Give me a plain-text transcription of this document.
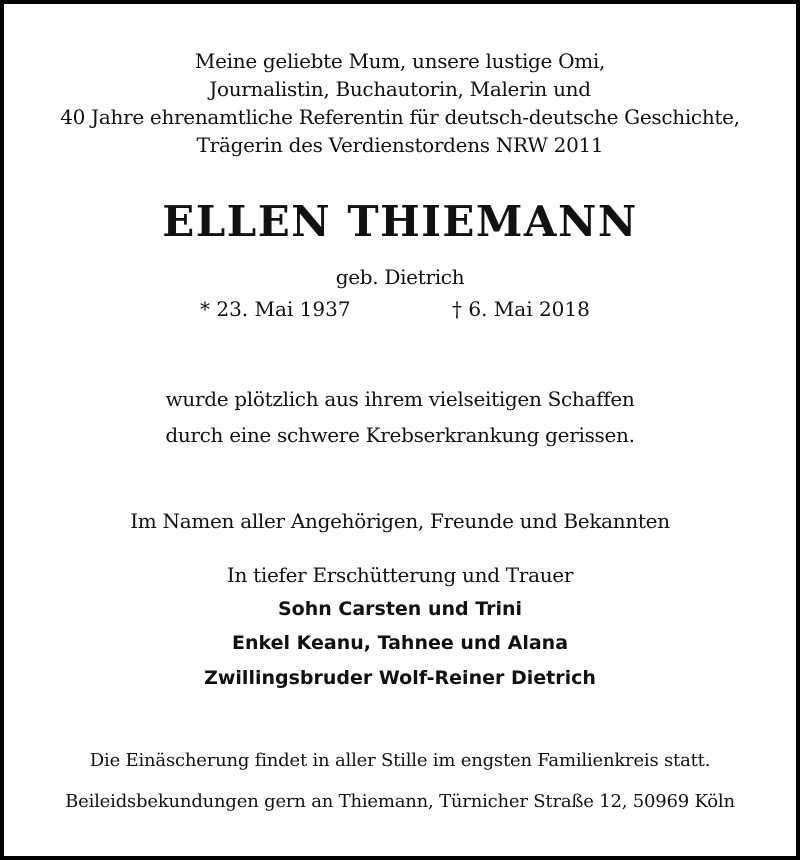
Meine geliebte Mum, unsere lustige Omi,
Journalistin, Buchautorin, Malerin und
40 Jahre ehrenamtliche Referentin für deutsch-deutsche Geschichte,
Trägerin des Verdienstordens NRW 2011
ELLEN THIEMANN
geb. Dietrich
* 23. Mai 1937	† 6. Mai 2018
wurde plötzlich aus ihrem vielseitigen Schaffen
durch eine schwere Krebserkrankung gerissen.
Im Namen aller Angehörigen, Freunde und Bekannten
In tiefer Erschütterung und Trauer
Sohn Carsten und Trini
Enkel Keanu, Tahnee und Alana
Zwillingsbruder Wolf-Reiner Dietrich
Die Einäscherung findet in aller Stille im engsten Familienkreis statt.
Beileidsbekundungen gern an Thiemann, Türnicher Straße 12, 50969 Köln
